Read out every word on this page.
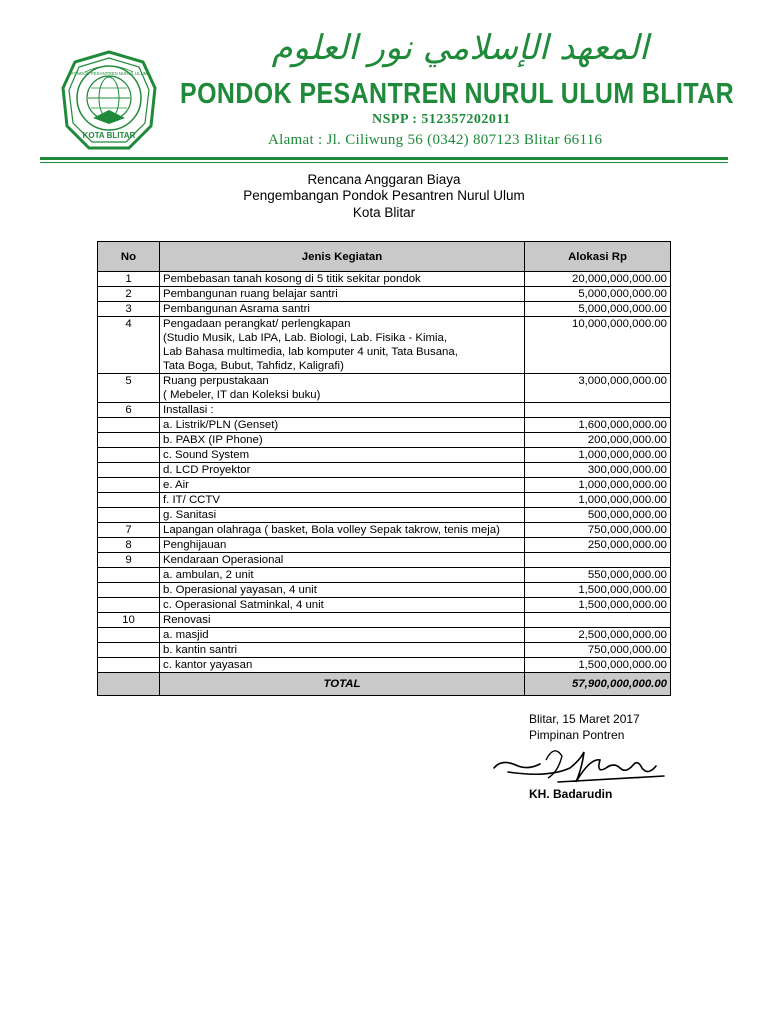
KOTA BLITAR
PONDOK PESANTREN NURUL ULUM
المعهد الإسلامي نور العلوم
PONDOK PESANTREN NURUL ULUM BLITAR
NSPP : 512357202011
Alamat : Jl. Ciliwung 56 (0342) 807123 Blitar 66116
Rencana Anggaran Biaya
Pengembangan Pondok Pesantren Nurul Ulum
Kota Blitar
No	Jenis Kegiatan	Alokasi Rp
1	Pembebasan tanah kosong di 5 titik sekitar pondok	20,000,000,000.00
2	Pembangunan ruang belajar santri	5,000,000,000.00
3	Pembangunan Asrama santri	5,000,000,000.00
4	Pengadaan perangkat/ perlengkapan
(Studio Musik, Lab IPA, Lab. Biologi, Lab. Fisika - Kimia,
Lab Bahasa multimedia, lab komputer 4 unit, Tata Busana,
Tata Boga, Bubut, Tahfidz, Kaligrafi)	10,000,000,000.00
5	Ruang perpustakaan
( Mebeler, IT dan Koleksi buku)	3,000,000,000.00
6	Installasi :	

	a. Listrik/PLN (Genset)	1,600,000,000.00

	b. PABX (IP Phone)	200,000,000.00

	c. Sound System	1,000,000,000.00

	d. LCD Proyektor	300,000,000.00

	e. Air	1,000,000,000.00

	f. IT/ CCTV	1,000,000,000.00

	g. Sanitasi	500,000,000.00
7	Lapangan olahraga ( basket, Bola volley Sepak takrow, tenis meja)	750,000,000.00
8	Penghijauan	250,000,000.00
9	Kendaraan Operasional	

	a. ambulan, 2 unit	550,000,000.00

	b. Operasional yayasan, 4 unit	1,500,000,000.00

	c. Operasional Satminkal, 4 unit	1,500,000,000.00
10	Renovasi	

	a. masjid	2,500,000,000.00

	b. kantin santri	750,000,000.00

	c. kantor yayasan	1,500,000,000.00
	TOTAL	57,900,000,000.00
Blitar, 15 Maret 2017
Pimpinan Pontren
KH. Badarudin
